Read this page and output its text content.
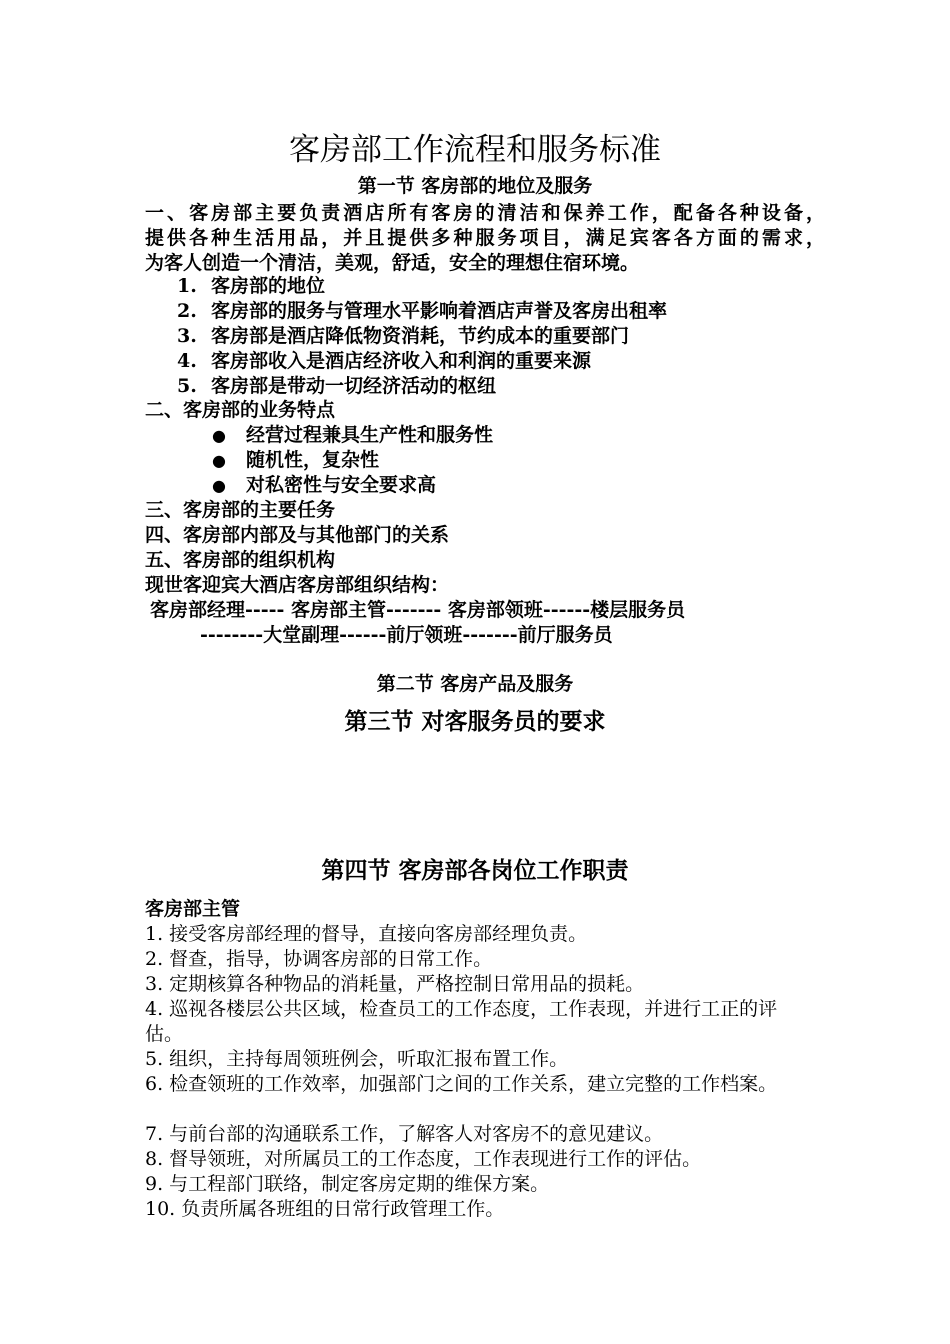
客房部工作流程和服务标准
第一节 客房部的地位及服务

一、客房部主要负责酒店所有客房的清洁和保养工作，配备各种设备，

提供各种生活用品，并且提供多种服务项目，满足宾客各方面的需求，

为客人创造一个清洁，美观，舒适，安全的理想住宿环境。

1. 客房部的地位
2. 客房部的服务与管理水平影响着酒店声誉及客房出租率
3. 客房部是酒店降低物资消耗，节约成本的重要部门
4. 客房部收入是酒店经济收入和利润的重要来源
5. 客房部是带动一切经济活动的枢纽

二、客房部的业务特点

● 经营过程兼具生产性和服务性
● 随机性，复杂性
● 对私密性与安全要求高

三、客房部的主要任务

四、客房部内部及与其他部门的关系

五、客房部的组织机构

现世客迎宾大酒店客房部组织结构：

客房部经理----- 客房部主管------- 客房部领班------楼层服务员

--------大堂副理------前厅领班-------前厅服务员

第二节 客房产品及服务
第三节 对客服务员的要求
第四节 客房部各岗位工作职责

客房部主管

1. 接受客房部经理的督导，直接向客房部经理负责。

2. 督查，指导，协调客房部的日常工作。

3. 定期核算各种物品的消耗量，严格控制日常用品的损耗。

4. 巡视各楼层公共区域，检查员工的工作态度，工作表现，并进行工正的评估。

5. 组织，主持每周领班例会，听取汇报布置工作。

6. 检查领班的工作效率，加强部门之间的工作关系，建立完整的工作档案。

7. 与前台部的沟通联系工作，了解客人对客房不的意见建议。

8. 督导领班，对所属员工的工作态度，工作表现进行工作的评估。

9. 与工程部门联络，制定客房定期的维保方案。

10. 负责所属各班组的日常行政管理工作。
